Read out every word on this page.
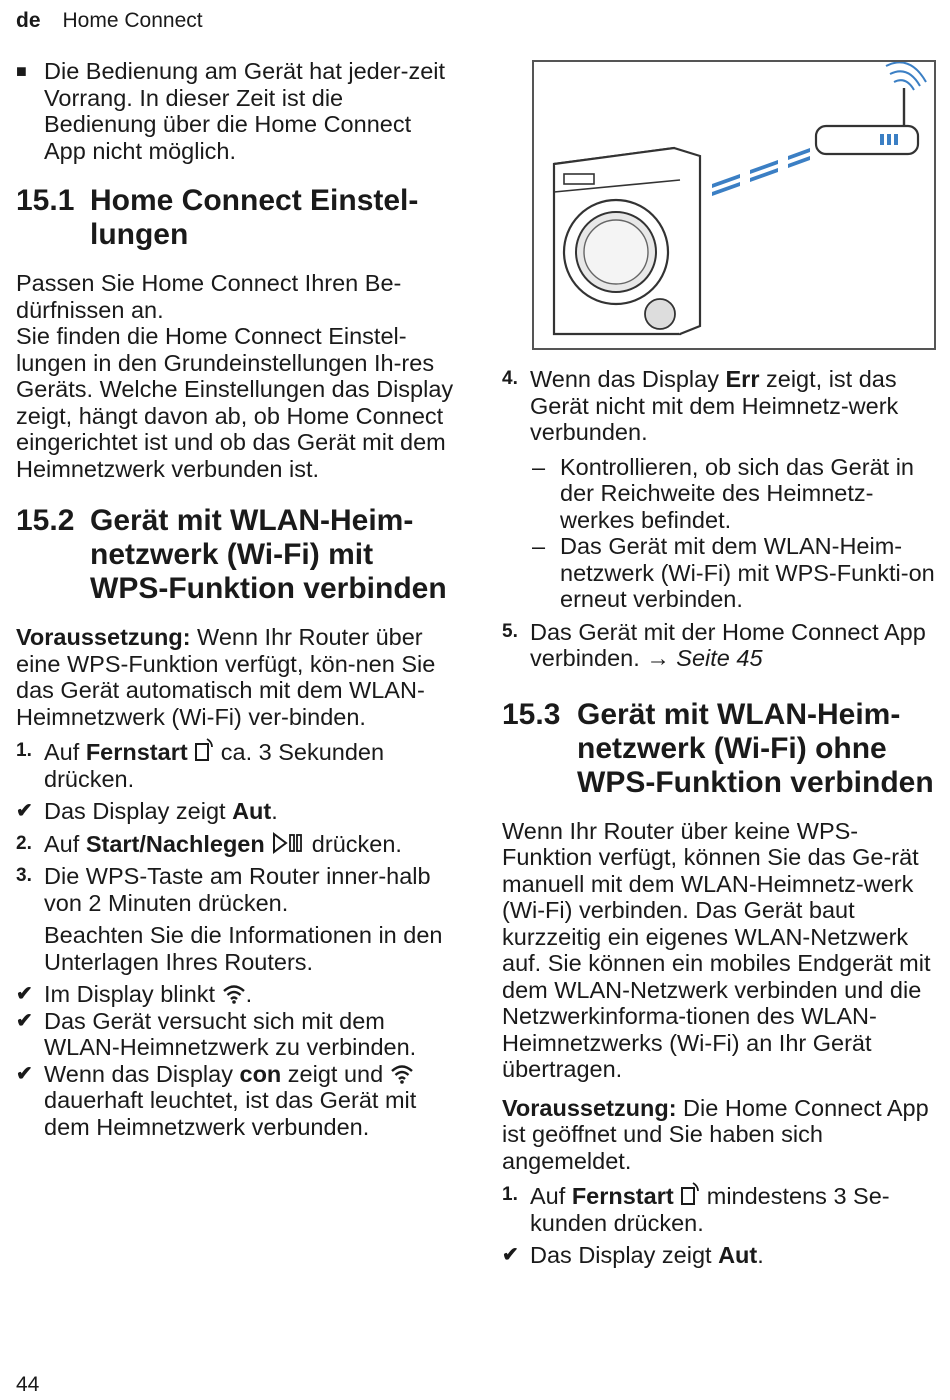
de Home Connect
■ Die Bedienung am Gerät hat jeder-zeit Vorrang. In dieser Zeit ist die Bedienung über die Home Connect App nicht möglich.
15.1 Home Connect Einstel-lungen

Passen Sie Home Connect Ihren Be-dürfnissen an.

Sie finden die Home Connect Einstel-lungen in den Grundeinstellungen Ih-res Geräts. Welche Einstellungen das Display zeigt, hängt davon ab, ob Home Connect eingerichtet ist und ob das Gerät mit dem Heimnetzwerk verbunden ist.

15.2 Gerät mit WLAN-Heim-netzwerk (Wi-Fi) mit WPS-Funktion verbinden

Voraussetzung: Wenn Ihr Router über eine WPS-Funktion verfügt, kön-nen Sie das Gerät automatisch mit dem WLAN-Heimnetzwerk (Wi-Fi) ver-binden.

1. Auf Fernstart  ca. 3 Sekunden drücken.
✔ Das Display zeigt Aut.
2. Auf Start/Nachlegen  drücken.
3. Die WPS-Taste am Router inner-halb von 2 Minuten drücken.

Beachten Sie die Informationen in den Unterlagen Ihres Routers.

✔ Im Display blinkt .
✔ Das Gerät versucht sich mit dem WLAN-Heimnetzwerk zu verbinden.
✔ Wenn das Display con zeigt und  dauerhaft leuchtet, ist das Gerät mit dem Heimnetzwerk verbunden.
4. Wenn das Display Err zeigt, ist das Gerät nicht mit dem Heimnetz-werk verbunden.
– Kontrollieren, ob sich das Gerät in der Reichweite des Heimnetz-werkes befindet.
– Das Gerät mit dem WLAN-Heim-netzwerk (Wi-Fi) mit WPS-Funkti-on erneut verbinden.
5. Das Gerät mit der Home Connect App verbinden. → Seite 45
15.3 Gerät mit WLAN-Heim-netzwerk (Wi-Fi) ohne WPS-Funktion verbinden

Wenn Ihr Router über keine WPS-Funktion verfügt, können Sie das Ge-rät manuell mit dem WLAN-Heimnetz-werk (Wi-Fi) verbinden. Das Gerät baut kurzzeitig ein eigenes WLAN-Netzwerk auf. Sie können ein mobiles Endgerät mit dem WLAN-Netzwerk verbinden und die Netzwerkinforma-tionen des WLAN-Heimnetzwerks (Wi-Fi) an Ihr Gerät übertragen.

Voraussetzung: Die Home Connect App ist geöffnet und Sie haben sich angemeldet.

1. Auf Fernstart  mindestens 3 Se-kunden drücken.
✔ Das Display zeigt Aut.
44
